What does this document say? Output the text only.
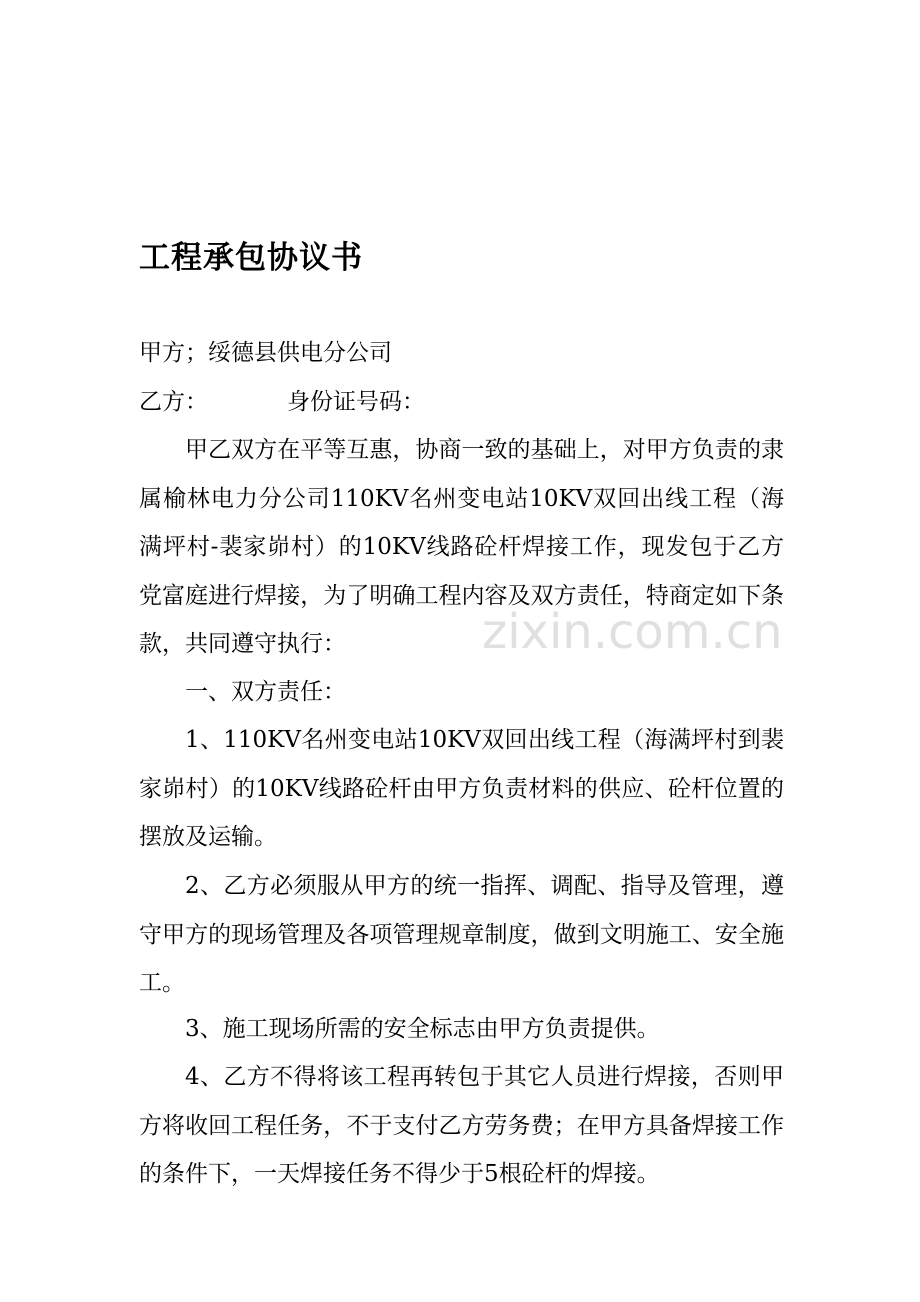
工程承包协议书
甲方；绥德县供电分公司
乙方：	身份证号码：
甲乙双方在平等互惠，协商一致的基础上，对甲方负责的隶属榆林电力分公司110KV名州变电站10KV双回出线工程（海满坪村-裴家峁村）的10KV线路砼杆焊接工作，现发包于乙方党富庭进行焊接，为了明确工程内容及双方责任，特商定如下条款，共同遵守执行：
一、双方责任：
1、110KV名州变电站10KV双回出线工程（海满坪村到裴家峁村）的10KV线路砼杆由甲方负责材料的供应、砼杆位置的摆放及运输。
2、乙方必须服从甲方的统一指挥、调配、指导及管理，遵守甲方的现场管理及各项管理规章制度，做到文明施工、安全施工。
3、施工现场所需的安全标志由甲方负责提供。
4、乙方不得将该工程再转包于其它人员进行焊接，否则甲方将收回工程任务，不于支付乙方劳务费；在甲方具备焊接工作的条件下，一天焊接任务不得少于5根砼杆的焊接。
zixin.com.cn
